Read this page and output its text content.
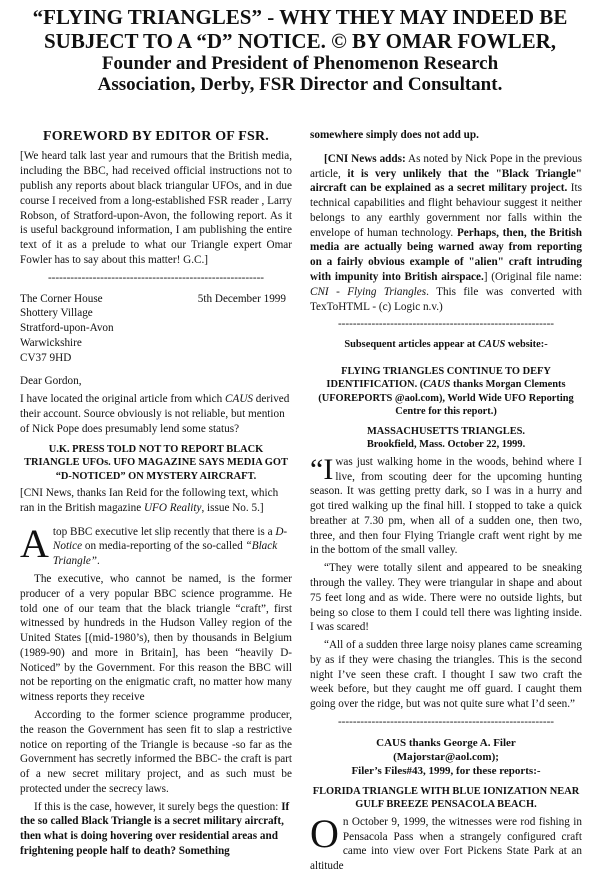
“FLYING TRIANGLES” - WHY THEY MAY INDEED BE
SUBJECT TO A “D” NOTICE. © BY OMAR FOWLER,
Founder and President of Phenomenon Research
Association, Derby, FSR Director and Consultant.
FOREWORD BY EDITOR OF FSR.

[We heard talk last year and rumours that the British media, including the BBC, had received official instructions not to publish any reports about black triangular UFOs, and in due course I received from a long-established FSR reader , Larry Robson, of Stratford-upon-Avon, the following report. As it is useful background information, I am publishing the entire text of it as a prelude to what our Triangle expert Omar Fowler has to say about this matter! G.C.]

----------------------------------------------------------

The Corner House

Shottery Village

Stratford-upon-Avon

Warwickshire

CV37 9HD

5th December 1999

Dear Gordon,

I have located the original article from which CAUS derived their account. Source obviously is not reliable, but mention of Nick Pope does presumably lend some status?

U.K. PRESS TOLD NOT TO REPORT BLACK TRIANGLE UFOs. UFO MAGAZINE SAYS MEDIA GOT “D-NOTICED” ON MYSTERY AIRCRAFT.

[CNI News, thanks Ian Reid for the following text, which ran in the British magazine UFO Reality, issue No. 5.]

A top BBC executive let slip recently that there is a D-Notice on media-reporting of the so-called “Black Triangle”.

The executive, who cannot be named, is the former producer of a very popular BBC science programme. He told one of our team that the black triangle “craft”, first witnessed by hundreds in the Hudson Valley region of the United States [(mid-1980’s), then by thousands in Belgium (1989-90) and more in Britain], has been “heavily D-Noticed” by the Government. For this reason the BBC will not be reporting on the enigmatic craft, no matter how many witness reports they receive

According to the former science programme producer, the reason the Government has seen fit to slap a restrictive notice on reporting of the Triangle is because -so far as the Government has secretly informed the BBC- the craft is part of a new secret military project, and as such must be protected under the secrecy laws.

If this is the case, however, it surely begs the question: If the so called Black Triangle is a secret military aircraft, then what is doing hovering over residential areas and frightening people half to death? Something

somewhere simply does not add up.

[CNI News adds: As noted by Nick Pope in the previous article, it is very unlikely that the "Black Triangle" aircraft can be explained as a secret military project. Its technical capabilities and flight behaviour suggest it neither belongs to any earthly government nor falls within the envelope of human technology. Perhaps, then, the British media are actually being warned away from reporting on a fairly obvious example of "alien" craft intruding with impunity into British airspace.] (Original file name: CNI - Flying Triangles. This file was converted with TexToHTML - (c) Logic n.v.)

----------------------------------------------------------
Subsequent articles appear at CAUS website:-
FLYING TRIANGLES CONTINUE TO DEFY IDENTIFICATION. (CAUS thanks Morgan Clements (UFOREPORTS @aol.com), World Wide UFO Reporting Centre for this report.)
MASSACHUSETTS TRIANGLES.
Brookfield, Mass. October 22, 1999.

“I was just walking home in the woods, behind where I live, from scouting deer for the upcoming hunting season. It was getting pretty dark, so I was in a hurry and got tired walking up the final hill. I stopped to take a quick breather at 7.30 pm, when all of a sudden one, then two, three, and then four Flying Triangle craft went right by me in the bottom of the small valley.

“They were totally silent and appeared to be sneaking through the valley. They were triangular in shape and about 75 feet long and as wide. There were no outside lights, but being so close to them I could tell there was lighting inside. I was scared!

“All of a sudden three large noisy planes came screaming by as if they were chasing the triangles. This is the second night I’ve seen these craft. I thought I saw two craft the week before, but they caught me off guard. I caught them going over the ridge, but was not quite sure what I’d seen.”

----------------------------------------------------------
CAUS thanks George A. Filer
(Majorstar@aol.com);
Filer’s Files#43, 1999, for these reports:-
FLORIDA TRIANGLE WITH BLUE IONIZATION NEAR GULF BREEZE PENSACOLA BEACH.

On October 9, 1999, the witnesses were rod fishing in Pensacola Pass when a strangely configured craft came into view over Fort Pickens State Park at an altitude
